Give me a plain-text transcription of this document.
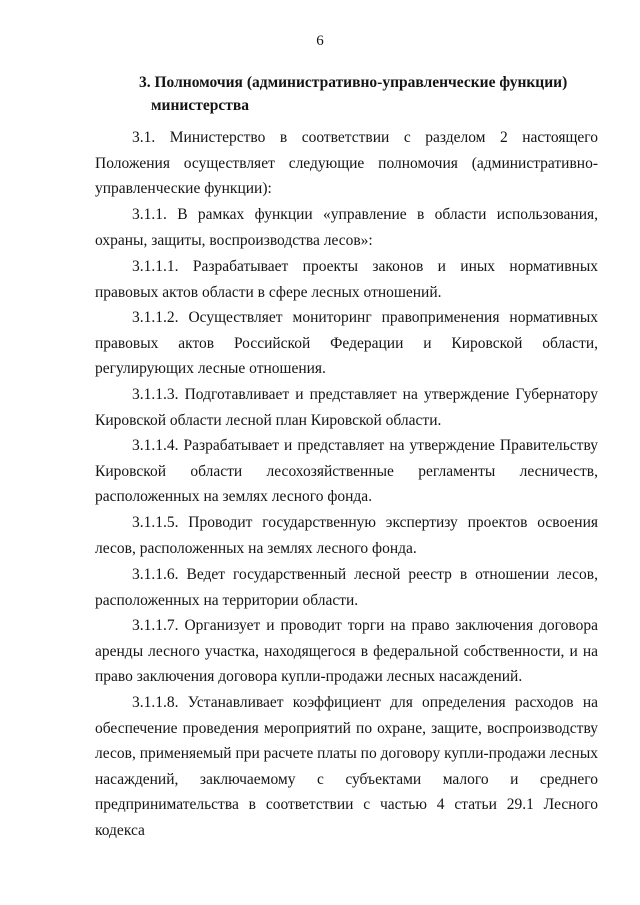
6
3. Полномочия (административно-управленческие функции)
министерства

3.1. Министерство в соответствии с разделом 2 настоящего Положения осуществляет следующие полномочия (административно-управленческие функции):

3.1.1. В рамках функции «управление в области использования, охраны, защиты, воспроизводства лесов»:

3.1.1.1. Разрабатывает проекты законов и иных нормативных правовых актов области в сфере лесных отношений.

3.1.1.2. Осуществляет мониторинг правоприменения нормативных правовых актов Российской Федерации и Кировской области, регулирующих лесные отношения.

3.1.1.3. Подготавливает и представляет на утверждение Губернатору Кировской области лесной план Кировской области.

3.1.1.4. Разрабатывает и представляет на утверждение Правительству Кировской области лесохозяйственные регламенты лесничеств, расположенных на землях лесного фонда.

3.1.1.5. Проводит государственную экспертизу проектов освоения лесов, расположенных на землях лесного фонда.

3.1.1.6. Ведет государственный лесной реестр в отношении лесов, расположенных на территории области.

3.1.1.7. Организует и проводит торги на право заключения договора аренды лесного участка, находящегося в федеральной собственности, и на право заключения договора купли-продажи лесных насаждений.

3.1.1.8. Устанавливает коэффициент для определения расходов на обеспечение проведения мероприятий по охране, защите, воспроизводству лесов, применяемый при расчете платы по договору купли-продажи лесных насаждений, заключаемому с субъектами малого и среднего предпринимательства в соответствии с частью 4 статьи 29.1 Лесного кодекса
